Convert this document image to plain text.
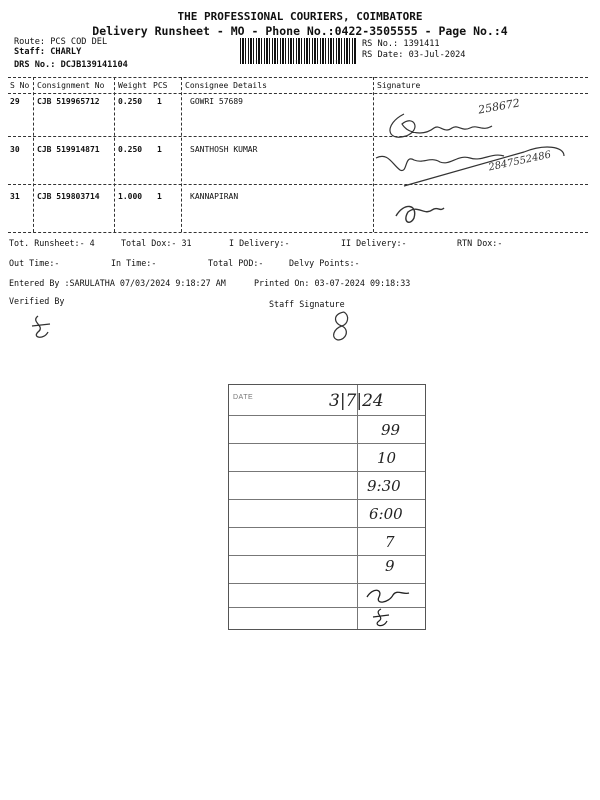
THE PROFESSIONAL COURIERS, COIMBATORE
Delivery Runsheet - MO - Phone No.:0422-3505555 - Page No.:4
Route: PCS COD DEL
Staff: CHARLY
DRS No.: DCJB139141104
RS No.: 1391411
RS Date: 03-Jul-2024
S No Consignment No Weight PCS Consignee Details	Signature
29 CJB 519965712 0.250 1	GOWRI 57689
30 CJB 519914871 0.250 1	SANTHOSH KUMAR
31 CJB 519803714 1.000 1	KANNAPIRAN
258672
2847552486
Tot. Runsheet:- 4	Total Dox:- 31	I Delivery:-	II Delivery:-	RTN Dox:-
Out Time:-	In Time:-	Total POD:-	Delvy Points:-
Entered By :SARULATHA 07/03/2024 9:18:27 AM	Printed On: 03-07-2024 09:18:33
Verified By	Staff Signature
DATE	3|7|24
99
10
9:30
6:00
7
9
